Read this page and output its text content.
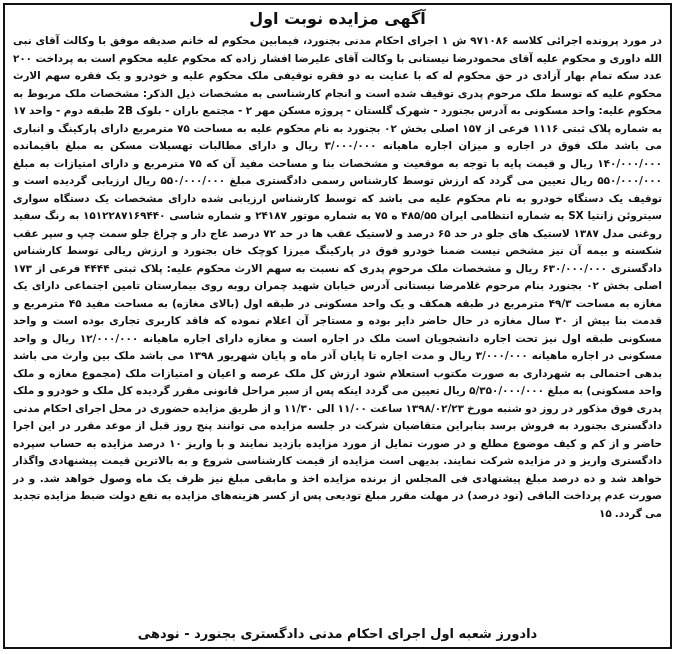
آگهی مزایده نوبت اول

در مورد پرونده اجرائی کلاسه ۹۷۱۰۸۶ ش ۱ اجرای احکام مدنی بجنورد، فیمابین محکوم له خانم صدیقه موفق با وکالت آقای نبی الله داوری و محکوم علیه آقای محمودرضا نیستانی با وکالت آقای علیرضا افشار زاده که محکوم علیه محکوم است به پرداخت ۲۰۰ عدد سکه تمام بهار آزادی در حق محکوم له که با عنایت به دو فقره توقیفی ملک محکوم علیه و خودرو و یک فقره سهم الارث محکوم علیه که توسط ملک مرحوم پدری توقیف شده است و انجام کارشناسی به مشخصات ذیل الذکر: مشخصات ملک مربوط به محکوم علیه: واحد مسکونی به آدرس بجنورد - شهرک گلستان - پروژه مسکن مهر ۲ - مجتمع باران - بلوک 2B طبقه دوم - واحد ۱۷ به شماره پلاک ثبتی ۱۱۱۶ فرعی از ۱۵۷ اصلی بخش ۰۲ بجنورد به نام محکوم علیه به مساحت ۷۵ مترمربع دارای پارکینگ و انباری می باشد ملک فوق در اجاره و میزان اجاره ماهیانه ۳/۰۰۰/۰۰۰ ریال و دارای مطالبات تهسیلات مسکن به مبلغ باقیمانده ۱۴۰/۰۰۰/۰۰۰ ریال و قیمت پایه با توجه به موقعیت و مشخصات بنا و مساحت مفید آن که ۷۵ مترمربع و دارای امتیازات به مبلغ ۵۵۰/۰۰۰/۰۰۰ ریال تعیین می گردد که ارزش توسط کارشناس رسمی دادگستری مبلغ ۵۵۰/۰۰۰/۰۰۰ ریال ارزیابی گردیده است و توقیف یک دستگاه خودرو به نام محکوم علیه می باشد که توسط کارشناس ارزیابی شده دارای مشخصات یک دستگاه سواری سیتروئن زانتیا SX به شماره انتظامی ایران ۴۸۵/۵۵ ه ۷۵ به شماره موتور ۲۴۱۸۷ و شماره شاسی ۱۵۱۲۲۸۷۱۶۹۴۴۰ به رنگ سفید روغنی مدل ۱۳۸۷ لاستیک های جلو در حد ۶۵ درصد و لاستیک عقب ها در حد ۷۲ درصد عاج دار و چراغ جلو سمت چپ و سپر عقب شکسته و بیمه آن نیز مشخص نیست ضمنا خودرو فوق در پارکینگ میرزا کوچک خان بجنورد و ارزش ریالی توسط کارشناس دادگستری ۶۳۰/۰۰۰/۰۰۰ ریال و مشخصات ملک مرحوم پدری که نسبت به سهم الارث محکوم علیه: پلاک ثبتی ۴۴۴۴ فرعی از ۱۷۳ اصلی بخش ۰۲ بجنورد بنام مرحوم غلامرضا نیستانی آدرس خیابان شهید چمران روبه روی بیمارستان تامین اجتماعی دارای یک مغازه به مساحت ۴۹/۳ مترمربع در طبقه همکف و یک واحد مسکونی در طبقه اول (بالای مغازه) به مساحت مفید ۴۵ مترمربع و قدمت بنا بیش از ۳۰ سال مغازه در حال حاضر دایر بوده و مستاجر آن اعلام نموده که فاقد کاربری تجاری بوده است و واحد مسکونی طبقه اول نیز تحت اجاره دانشجویان است ملک در اجاره است و مغازه دارای اجاره ماهیانه ۱۲/۰۰۰/۰۰۰ ریال و واحد مسکونی در اجاره ماهیانه ۳/۰۰۰/۰۰۰ ریال و مدت اجاره تا پایان آذر ماه و پایان شهریور ۱۳۹۸ می باشد ملک بین وارث می باشد بدهی احتمالی به شهرداری به صورت مکتوب استعلام شود ارزش کل ملک عرصه و اعیان و امتیازات ملک (مجموع مغازه و ملک واحد مسکونی) به مبلغ ۵/۳۵۰/۰۰۰/۰۰۰ ریال تعیین می گردد اینکه پس از سیر مراحل قانونی مقرر گردیده کل ملک و خودرو و ملک پدری فوق مذکور در روز دو شنبه مورخ ۱۳۹۸/۰۲/۲۳ ساعت ۱۱/۰۰ الی ۱۱/۳۰ و از طریق مزایده حضوری در محل اجرای احکام مدنی دادگستری بجنورد به فروش برسد بنابراین متقاضیان شرکت در جلسه مزایده می توانند پنج روز قبل از موعد مقرر در این اجرا حاضر و از کم و کیف موضوع مطلع و در صورت تمایل از مورد مزایده بازدید نمایند و با واریز ۱۰ درصد مزایده به حساب سپرده دادگستری واریز و در مزایده شرکت نمایند. بدیهی است مزایده از قیمت کارشناسی شروع و به بالاترین قیمت پیشنهادی واگذار خواهد شد و ده درصد مبلغ پیشنهادی فی المجلس از برنده مزایده اخذ و مابقی مبلغ نیز ظرف یک ماه وصول خواهد شد. و در صورت عدم پرداخت الباقی (نود درصد) در مهلت مقرر مبلغ تودیعی پس از کسر هزینه‌های مزایده به نفع دولت ضبط مزایده تجدید می گردد. ۱۵

دادورز شعبه اول اجرای احکام مدنی دادگستری بجنورد - نودهی
